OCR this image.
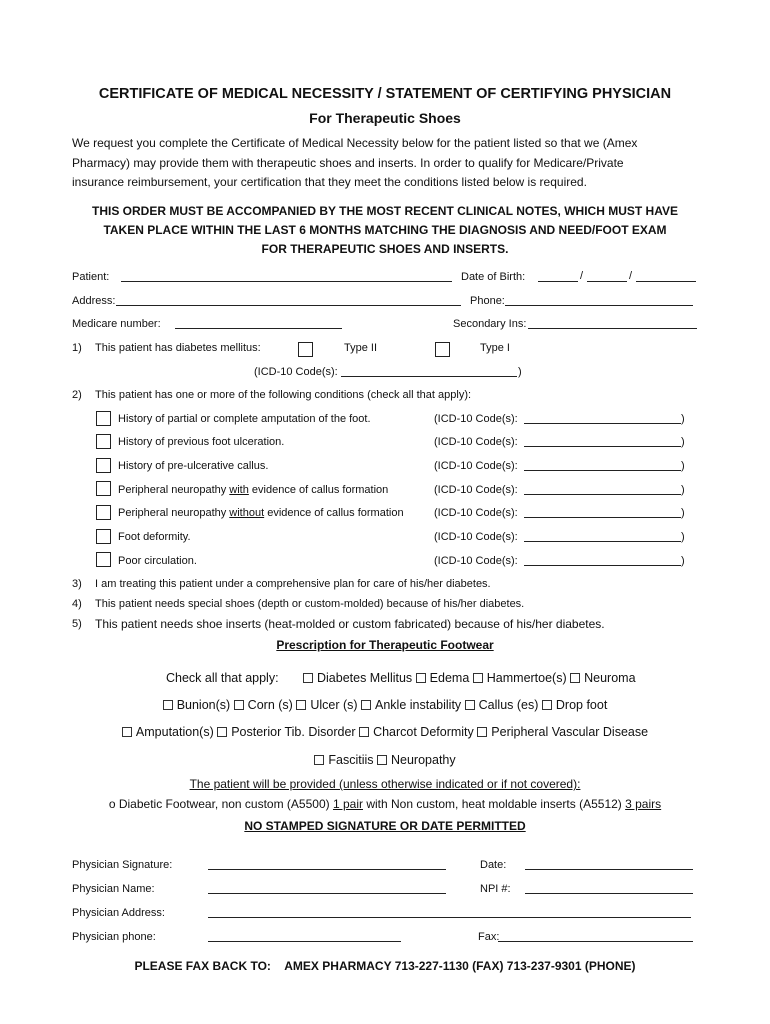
CERTIFICATE OF MEDICAL NECESSITY / STATEMENT OF CERTIFYING PHYSICIAN
For Therapeutic Shoes
We request you complete the Certificate of Medical Necessity below for the patient listed so that we (Amex
Pharmacy) may provide them with therapeutic shoes and inserts. In order to qualify for Medicare/Private
insurance reimbursement, your certification that they meet the conditions listed below is required.
THIS ORDER MUST BE ACCOMPANIED BY THE MOST RECENT CLINICAL NOTES, WHICH MUST HAVE
TAKEN PLACE WITHIN THE LAST 6 MONTHS MATCHING THE DIAGNOSIS AND NEED/FOOT EXAM
FOR THERAPEUTIC SHOES AND INSERTS.
Patient:	Date of Birth:	/	/
Address:	Phone:
Medicare number:	Secondary Ins:
1) This patient has diabetes mellitus:	Type II	Type I
(ICD-10 Code(s):	)
2) This patient has one or more of the following conditions (check all that apply):
History of partial or complete amputation of the foot.	(ICD-10 Code(s):	)
History of previous foot ulceration.	(ICD-10 Code(s):	)
History of pre-ulcerative callus.	(ICD-10 Code(s):	)
Peripheral neuropathy with evidence of callus formation	(ICD-10 Code(s):	)
Peripheral neuropathy without evidence of callus formation	(ICD-10 Code(s):	)
Foot deformity.	(ICD-10 Code(s):	)
Poor circulation.	(ICD-10 Code(s):	)
3) I am treating this patient under a comprehensive plan for care of his/her diabetes.
4) This patient needs special shoes (depth or custom-molded) because of his/her diabetes.
5) This patient needs shoe inserts (heat-molded or custom fabricated) because of his/her diabetes.
Prescription for Therapeutic Footwear
Check all that apply:	Diabetes Mellitus Edema Hammertoe(s) Neuroma
Bunion(s) Corn (s) Ulcer (s) Ankle instability Callus (es) Drop foot
Amputation(s) Posterior Tib. Disorder Charcot Deformity Peripheral Vascular Disease
Fascitiis Neuropathy
The patient will be provided (unless otherwise indicated or if not covered):
o Diabetic Footwear, non custom (A5500) 1 pair with Non custom, heat moldable inserts (A5512) 3 pairs
NO STAMPED SIGNATURE OR DATE PERMITTED
Physician Signature:	Date:
Physician Name:	NPI #:
Physician Address:
Physician phone:	Fax:
PLEASE FAX BACK TO: AMEX PHARMACY 713-227-1130 (FAX) 713-237-9301 (PHONE)
